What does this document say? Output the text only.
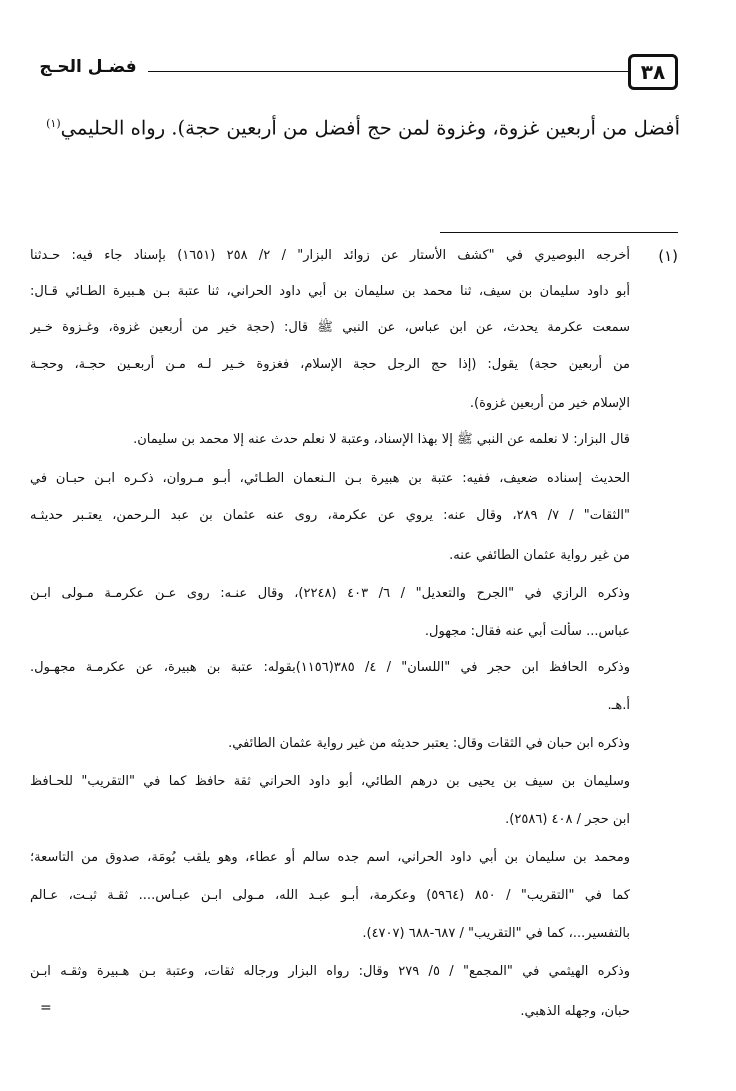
٣٨
فضـل الحـج
أفضل من أربعين غزوة، وغزوة لمن حج أفضل من أربعين حجة). رواه الحليمي$^{(١)}$
(١)
أخرجه البوصيري في "كشف الأستار عن زوائد البزار" / ٢/ ٢٥٨ (١٦٥١) بإسناد جاء فيه: حـدثنا
أبو داود سليمان بن سيف، ثنا محمد بن سليمان بن أبي داود الحراني، ثنا عتبة بـن هـبيرة الطـائي قـال:
سمعت عكرمة يحدث، عن ابن عباس، عن النبي ﷺ قال: (حجة خير من أربعين غزوة، وغـزوة خـير
من أربعين حجة) يقول: (إذا حج الرجل حجة الإسلام، فغزوة خـير لـه مـن أربعـين حجـة، وحجـة
الإسلام خير من أربعين غزوة).
قال البزار: لا نعلمه عن النبي ﷺ إلا بهذا الإسناد، وعتبة لا نعلم حدث عنه إلا محمد بن سليمان.
الحديث إسناده ضعيف، ففيه: عتبة بن هبيرة بـن الـنعمان الطـائي، أبـو مـروان، ذكـره ابـن حبـان في
"الثقات" / ٧/ ٢٨٩، وقال عنه: يروي عن عكرمة، روى عنه عثمان بن عبد الـرحمن، يعتـبر حديثـه
من غير رواية عثمان الطائفي عنه.
وذكره الرازي في "الجرح والتعديل" / ٦/ ٤٠٣ (٢٢٤٨)، وقال عنـه: روى عـن عكرمـة مـولى ابـن
عباس... سألت أبي عنه فقال: مجهول.
وذكره الحافظ ابن حجر في "اللسان" / ٤/ ٣٨٥(١١٥٦)بقوله: عتبة بن هبيرة، عن عكرمـة مجهـول.
أ.هـ.
وذكره ابن حبان في الثقات وقال: يعتبر حديثه من غير رواية عثمان الطائفي.
وسليمان بن سيف بن يحيى بن درهم الطائي، أبو داود الحراني ثقة حافظ كما في "التقريب" للحـافظ
ابن حجر / ٤٠٨ (٢٥٨٦).
ومحمد بن سليمان بن أبي داود الحراني، اسم جده سالم أو عطاء، وهو يلقب بُومَة، صدوق من التاسعة؛
كما في "التقريب" / ٨٥٠ (٥٩٦٤) وعكرمة، أبـو عبـد الله، مـولى ابـن عبـاس.... ثقـة ثبـت، عـالم
بالتفسير...، كما في "التقريب" / ٦٨٧-٦٨٨ (٤٧٠٧).
وذكره الهيثمي في "المجمع" / ٥/ ٢٧٩ وقال: رواه البزار ورجاله ثقات، وعتبة بـن هـبيرة وثقـه ابـن
حبان، وجهله الذهبي.
=
